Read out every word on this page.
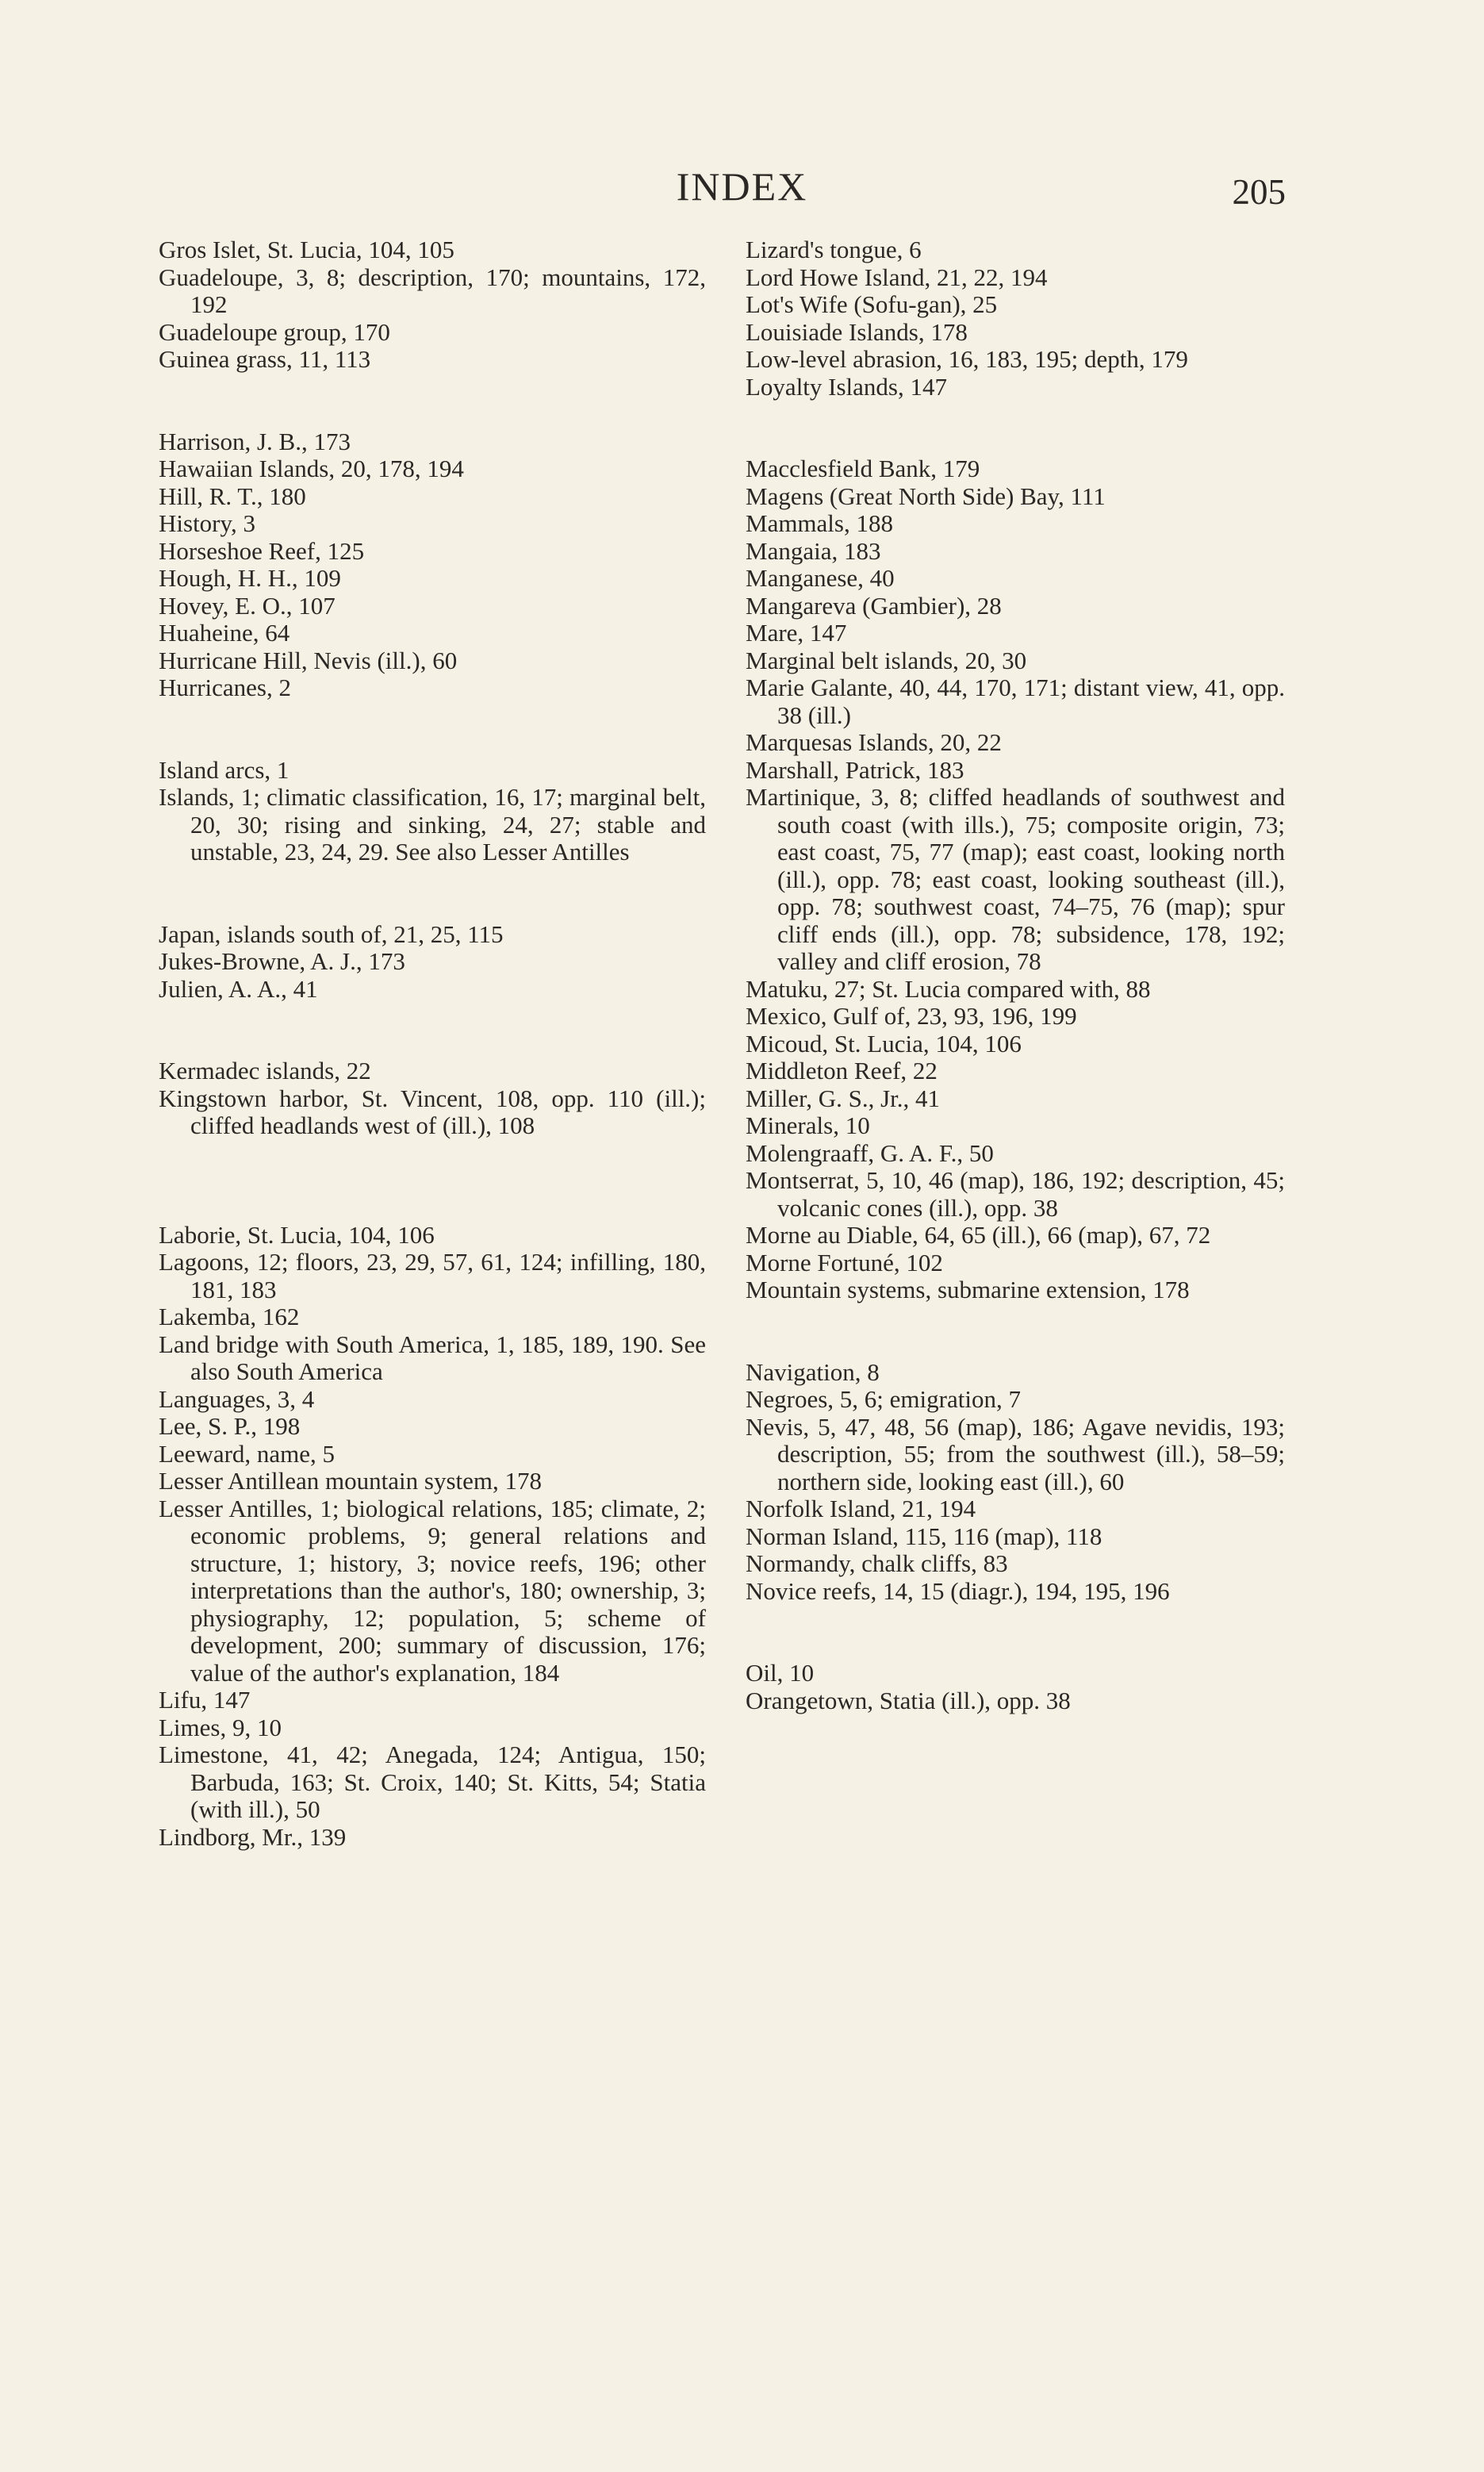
INDEX	205

Gros Islet, St. Lucia, 104, 105

Guadeloupe, 3, 8; description, 170; mountains, 172, 192

Guadeloupe group, 170

Guinea grass, 11, 113

Harrison, J. B., 173

Hawaiian Islands, 20, 178, 194

Hill, R. T., 180

History, 3

Horseshoe Reef, 125

Hough, H. H., 109

Hovey, E. O., 107

Huaheine, 64

Hurricane Hill, Nevis (ill.), 60

Hurricanes, 2

Island arcs, 1

Islands, 1; climatic classification, 16, 17; marginal belt, 20, 30; rising and sinking, 24, 27; stable and unstable, 23, 24, 29. See also Lesser Antilles

Japan, islands south of, 21, 25, 115

Jukes-Browne, A. J., 173

Julien, A. A., 41

Kermadec islands, 22

Kingstown harbor, St. Vincent, 108, opp. 110 (ill.); cliffed headlands west of (ill.), 108

Laborie, St. Lucia, 104, 106

Lagoons, 12; floors, 23, 29, 57, 61, 124; infilling, 180, 181, 183

Lakemba, 162

Land bridge with South America, 1, 185, 189, 190. See also South America

Languages, 3, 4

Lee, S. P., 198

Leeward, name, 5

Lesser Antillean mountain system, 178

Lesser Antilles, 1; biological relations, 185; climate, 2; economic problems, 9; general relations and structure, 1; history, 3; novice reefs, 196; other interpretations than the author's, 180; ownership, 3; physiography, 12; population, 5; scheme of development, 200; summary of discussion, 176; value of the author's explanation, 184

Lifu, 147

Limes, 9, 10

Limestone, 41, 42; Anegada, 124; Antigua, 150; Barbuda, 163; St. Croix, 140; St. Kitts, 54; Statia (with ill.), 50

Lindborg, Mr., 139

Lizard's tongue, 6

Lord Howe Island, 21, 22, 194

Lot's Wife (Sofu-gan), 25

Louisiade Islands, 178

Low-level abrasion, 16, 183, 195; depth, 179

Loyalty Islands, 147

Macclesfield Bank, 179

Magens (Great North Side) Bay, 111

Mammals, 188

Mangaia, 183

Manganese, 40

Mangareva (Gambier), 28

Mare, 147

Marginal belt islands, 20, 30

Marie Galante, 40, 44, 170, 171; distant view, 41, opp. 38 (ill.)

Marquesas Islands, 20, 22

Marshall, Patrick, 183

Martinique, 3, 8; cliffed headlands of southwest and south coast (with ills.), 75; composite origin, 73; east coast, 75, 77 (map); east coast, looking north (ill.), opp. 78; east coast, looking southeast (ill.), opp. 78; southwest coast, 74–75, 76 (map); spur cliff ends (ill.), opp. 78; subsidence, 178, 192; valley and cliff erosion, 78

Matuku, 27; St. Lucia compared with, 88

Mexico, Gulf of, 23, 93, 196, 199

Micoud, St. Lucia, 104, 106

Middleton Reef, 22

Miller, G. S., Jr., 41

Minerals, 10

Molengraaff, G. A. F., 50

Montserrat, 5, 10, 46 (map), 186, 192; description, 45; volcanic cones (ill.), opp. 38

Morne au Diable, 64, 65 (ill.), 66 (map), 67, 72

Morne Fortuné, 102

Mountain systems, submarine extension, 178

Navigation, 8

Negroes, 5, 6; emigration, 7

Nevis, 5, 47, 48, 56 (map), 186; Agave nevidis, 193; description, 55; from the southwest (ill.), 58–59; northern side, looking east (ill.), 60

Norfolk Island, 21, 194

Norman Island, 115, 116 (map), 118

Normandy, chalk cliffs, 83

Novice reefs, 14, 15 (diagr.), 194, 195, 196

Oil, 10

Orangetown, Statia (ill.), opp. 38
